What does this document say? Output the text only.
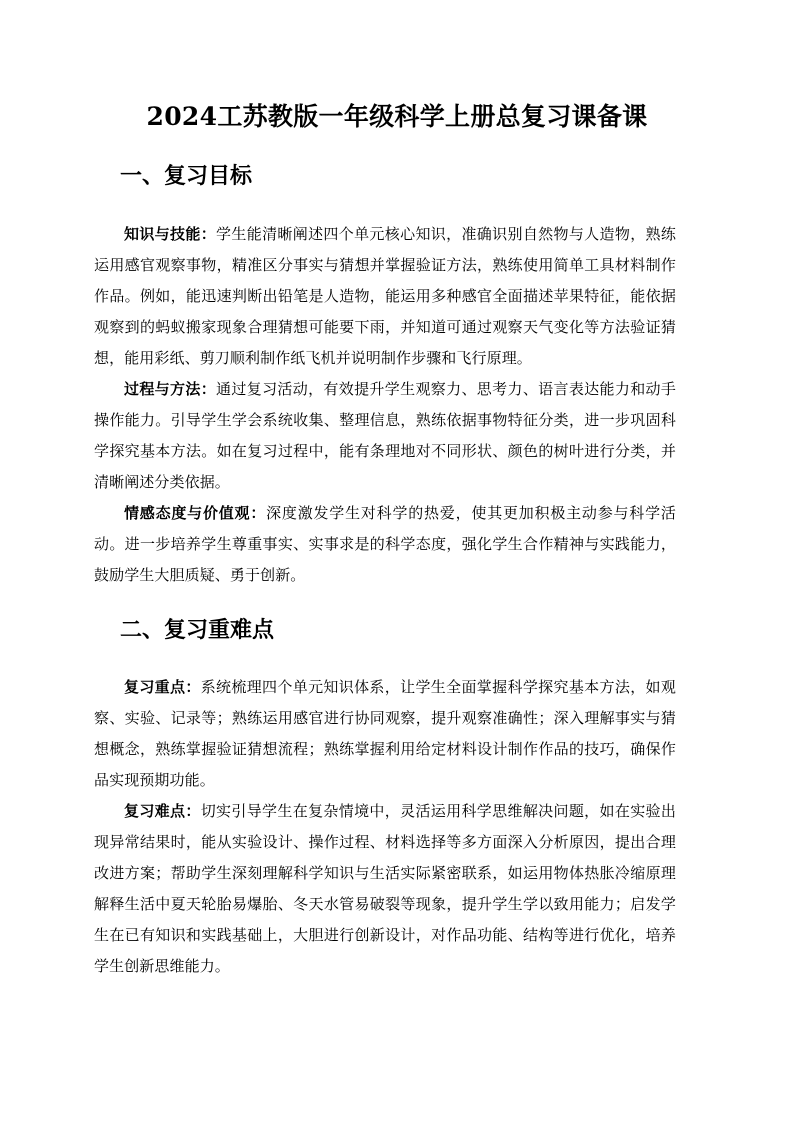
2024工苏教版一年级科学上册总复习课备课
一、复习目标

知识与技能：学生能清晰阐述四个单元核心知识，准确识别自然物与人造物，熟练运用感官观察事物，精准区分事实与猜想并掌握验证方法，熟练使用简单工具材料制作作品。例如，能迅速判断出铅笔是人造物，能运用多种感官全面描述苹果特征，能依据观察到的蚂蚁搬家现象合理猜想可能要下雨，并知道可通过观察天气变化等方法验证猜想，能用彩纸、剪刀顺利制作纸飞机并说明制作步骤和飞行原理。

过程与方法：通过复习活动，有效提升学生观察力、思考力、语言表达能力和动手操作能力。引导学生学会系统收集、整理信息，熟练依据事物特征分类，进一步巩固科学探究基本方法。如在复习过程中，能有条理地对不同形状、颜色的树叶进行分类，并清晰阐述分类依据。

情感态度与价值观：深度激发学生对科学的热爱，使其更加积极主动参与科学活动。进一步培养学生尊重事实、实事求是的科学态度，强化学生合作精神与实践能力，鼓励学生大胆质疑、勇于创新。

二、复习重难点

复习重点：系统梳理四个单元知识体系，让学生全面掌握科学探究基本方法，如观察、实验、记录等；熟练运用感官进行协同观察，提升观察准确性；深入理解事实与猜想概念，熟练掌握验证猜想流程；熟练掌握利用给定材料设计制作作品的技巧，确保作品实现预期功能。

复习难点：切实引导学生在复杂情境中，灵活运用科学思维解决问题，如在实验出现异常结果时，能从实验设计、操作过程、材料选择等多方面深入分析原因，提出合理改进方案；帮助学生深刻理解科学知识与生活实际紧密联系，如运用物体热胀冷缩原理解释生活中夏天轮胎易爆胎、冬天水管易破裂等现象，提升学生学以致用能力；启发学生在已有知识和实践基础上，大胆进行创新设计，对作品功能、结构等进行优化，培养学生创新思维能力。
